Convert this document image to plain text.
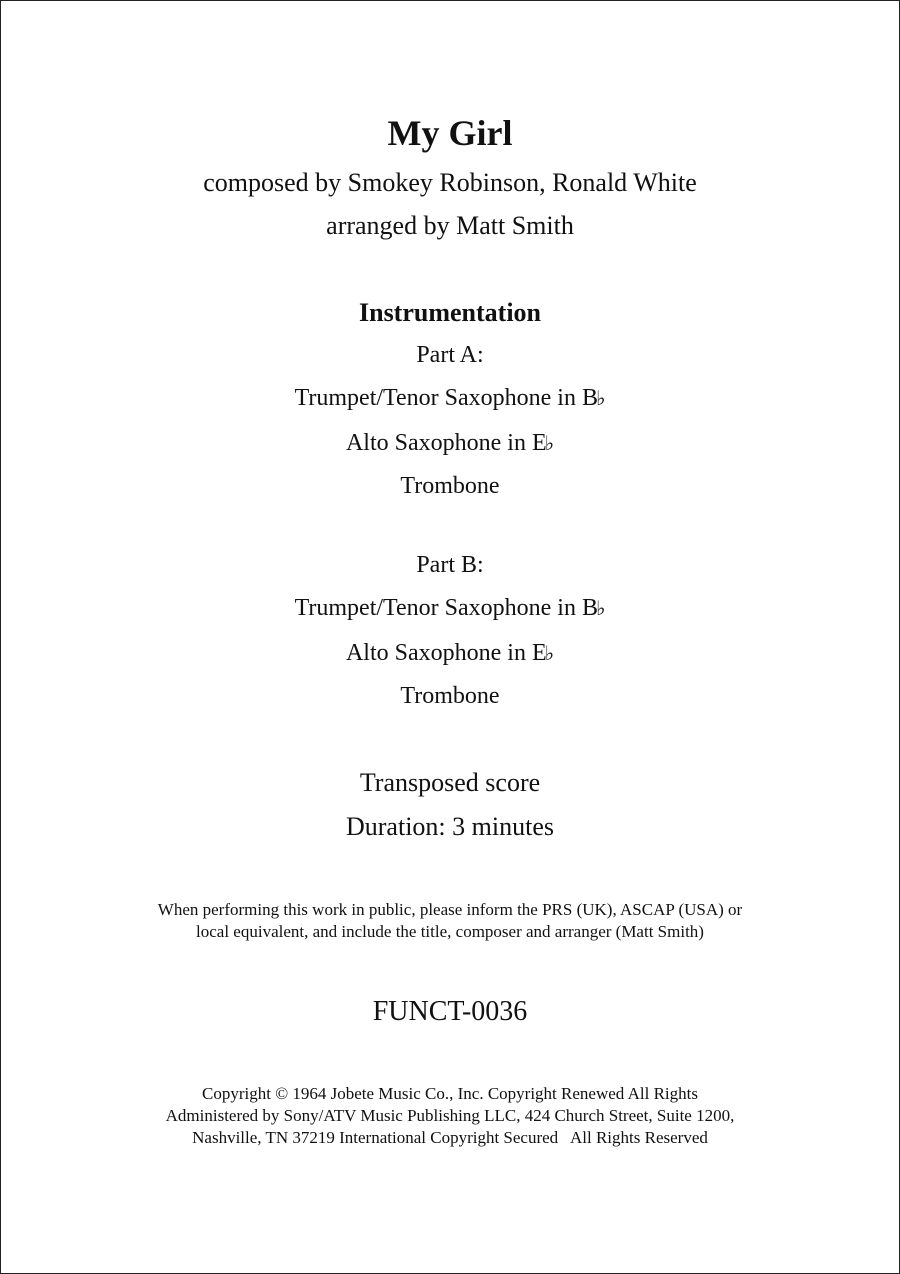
My Girl
composed by Smokey Robinson, Ronald White
arranged by Matt Smith
Instrumentation
Part A:
Trumpet/Tenor Saxophone in B♭
Alto Saxophone in E♭
Trombone
Part B:
Trumpet/Tenor Saxophone in B♭
Alto Saxophone in E♭
Trombone
Transposed score
Duration: 3 minutes
When performing this work in public, please inform the PRS (UK), ASCAP (USA) or
local equivalent, and include the title, composer and arranger (Matt Smith)
FUNCT-0036
Copyright © 1964 Jobete Music Co., Inc. Copyright Renewed All Rights
Administered by Sony/ATV Music Publishing LLC, 424 Church Street, Suite 1200,
Nashville, TN 37219 International Copyright Secured   All Rights Reserved
